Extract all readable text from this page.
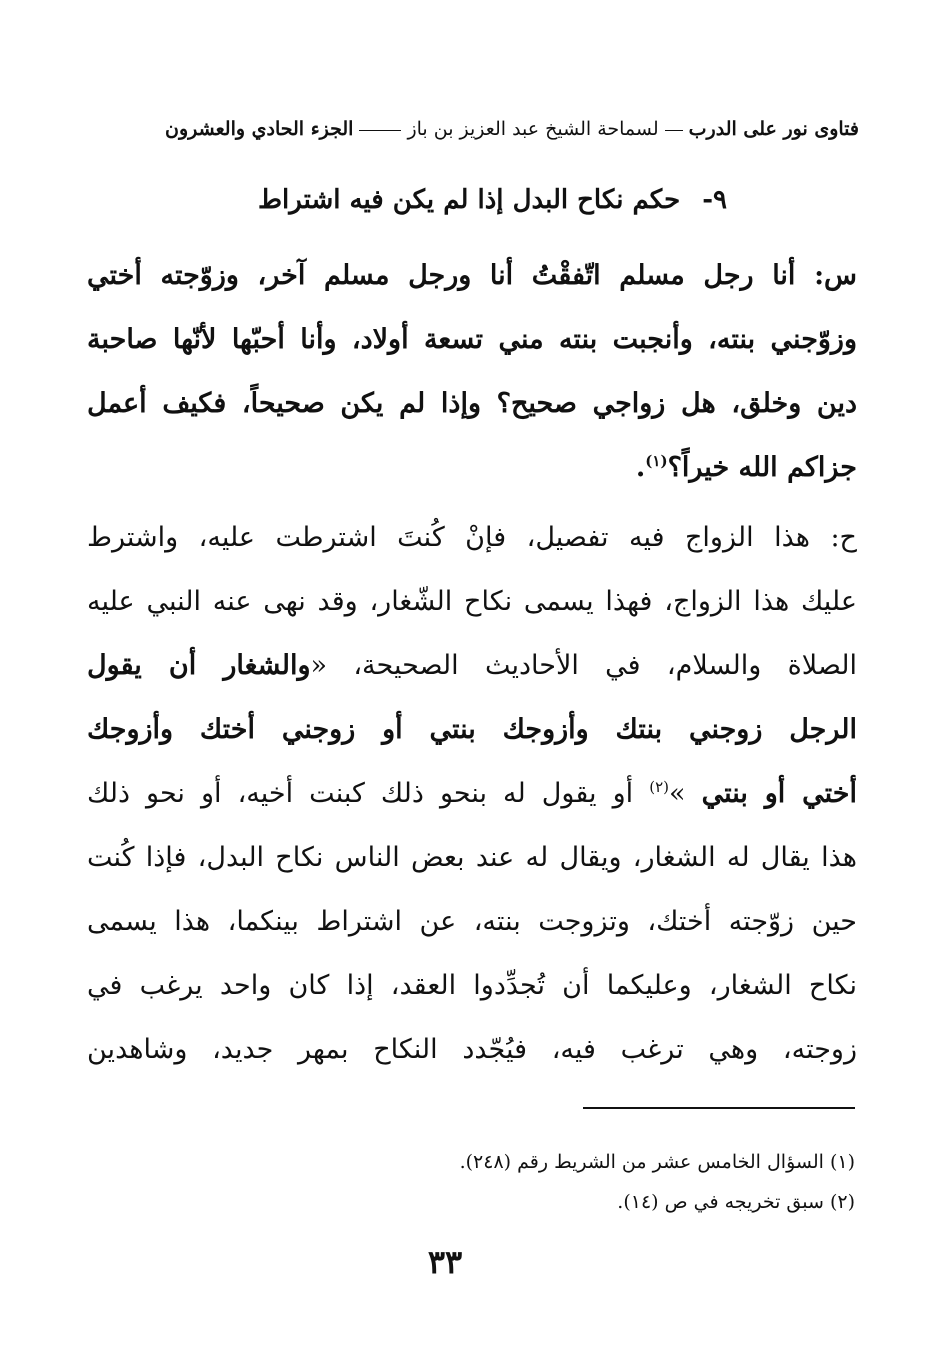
فتاوى نور على الدربلسماحة الشيخ عبد العزيز بن بازالجزء الحادي والعشرون
٩-حكم نكاح البدل إذا لم يكن فيه اشتراط
س: أنا رجل مسلم اتّفقْتُ أنا ورجل مسلم آخر، وزوّجته أختي
وزوّجني بنته، وأنجبت بنته مني تسعة أولاد، وأنا أحبّها لأنّها صاحبة
دين وخلق، هل زواجي صحيح؟ وإذا لم يكن صحيحاً، فكيف أعمل
جزاكم الله خيراً؟$^{(١)}$.
ح: هذا الزواج فيه تفصيل، فإنْ كُنتَ اشترطت عليه، واشترط
عليك هذا الزواج، فهذا يسمى نكاح الشّغار، وقد نهى عنه النبي عليه
الصلاة والسلام، في الأحاديث الصحيحة، «والشغار أن يقول
الرجل زوجني بنتك وأزوجك بنتي أو زوجني أختك وأزوجك
أختي أو بنتي »$^{(٢)}$ أو يقول له بنحو ذلك كبنت أخيه، أو نحو ذلك
هذا يقال له الشغار، ويقال له عند بعض الناس نكاح البدل، فإذا كُنت
حين زوّجته أختك، وتزوجت بنته، عن اشتراط بينكما، هذا يسمى
نكاح الشغار، وعليكما أن تُجدِّدوا العقد، إذا كان واحد يرغب في
زوجته، وهي ترغب فيه، فيُجّدد النكاح بمهر جديد، وشاهدين
(١) السؤال الخامس عشر من الشريط رقم (٢٤٨).
(٢) سبق تخريجه في ص (١٤).
٣٣
